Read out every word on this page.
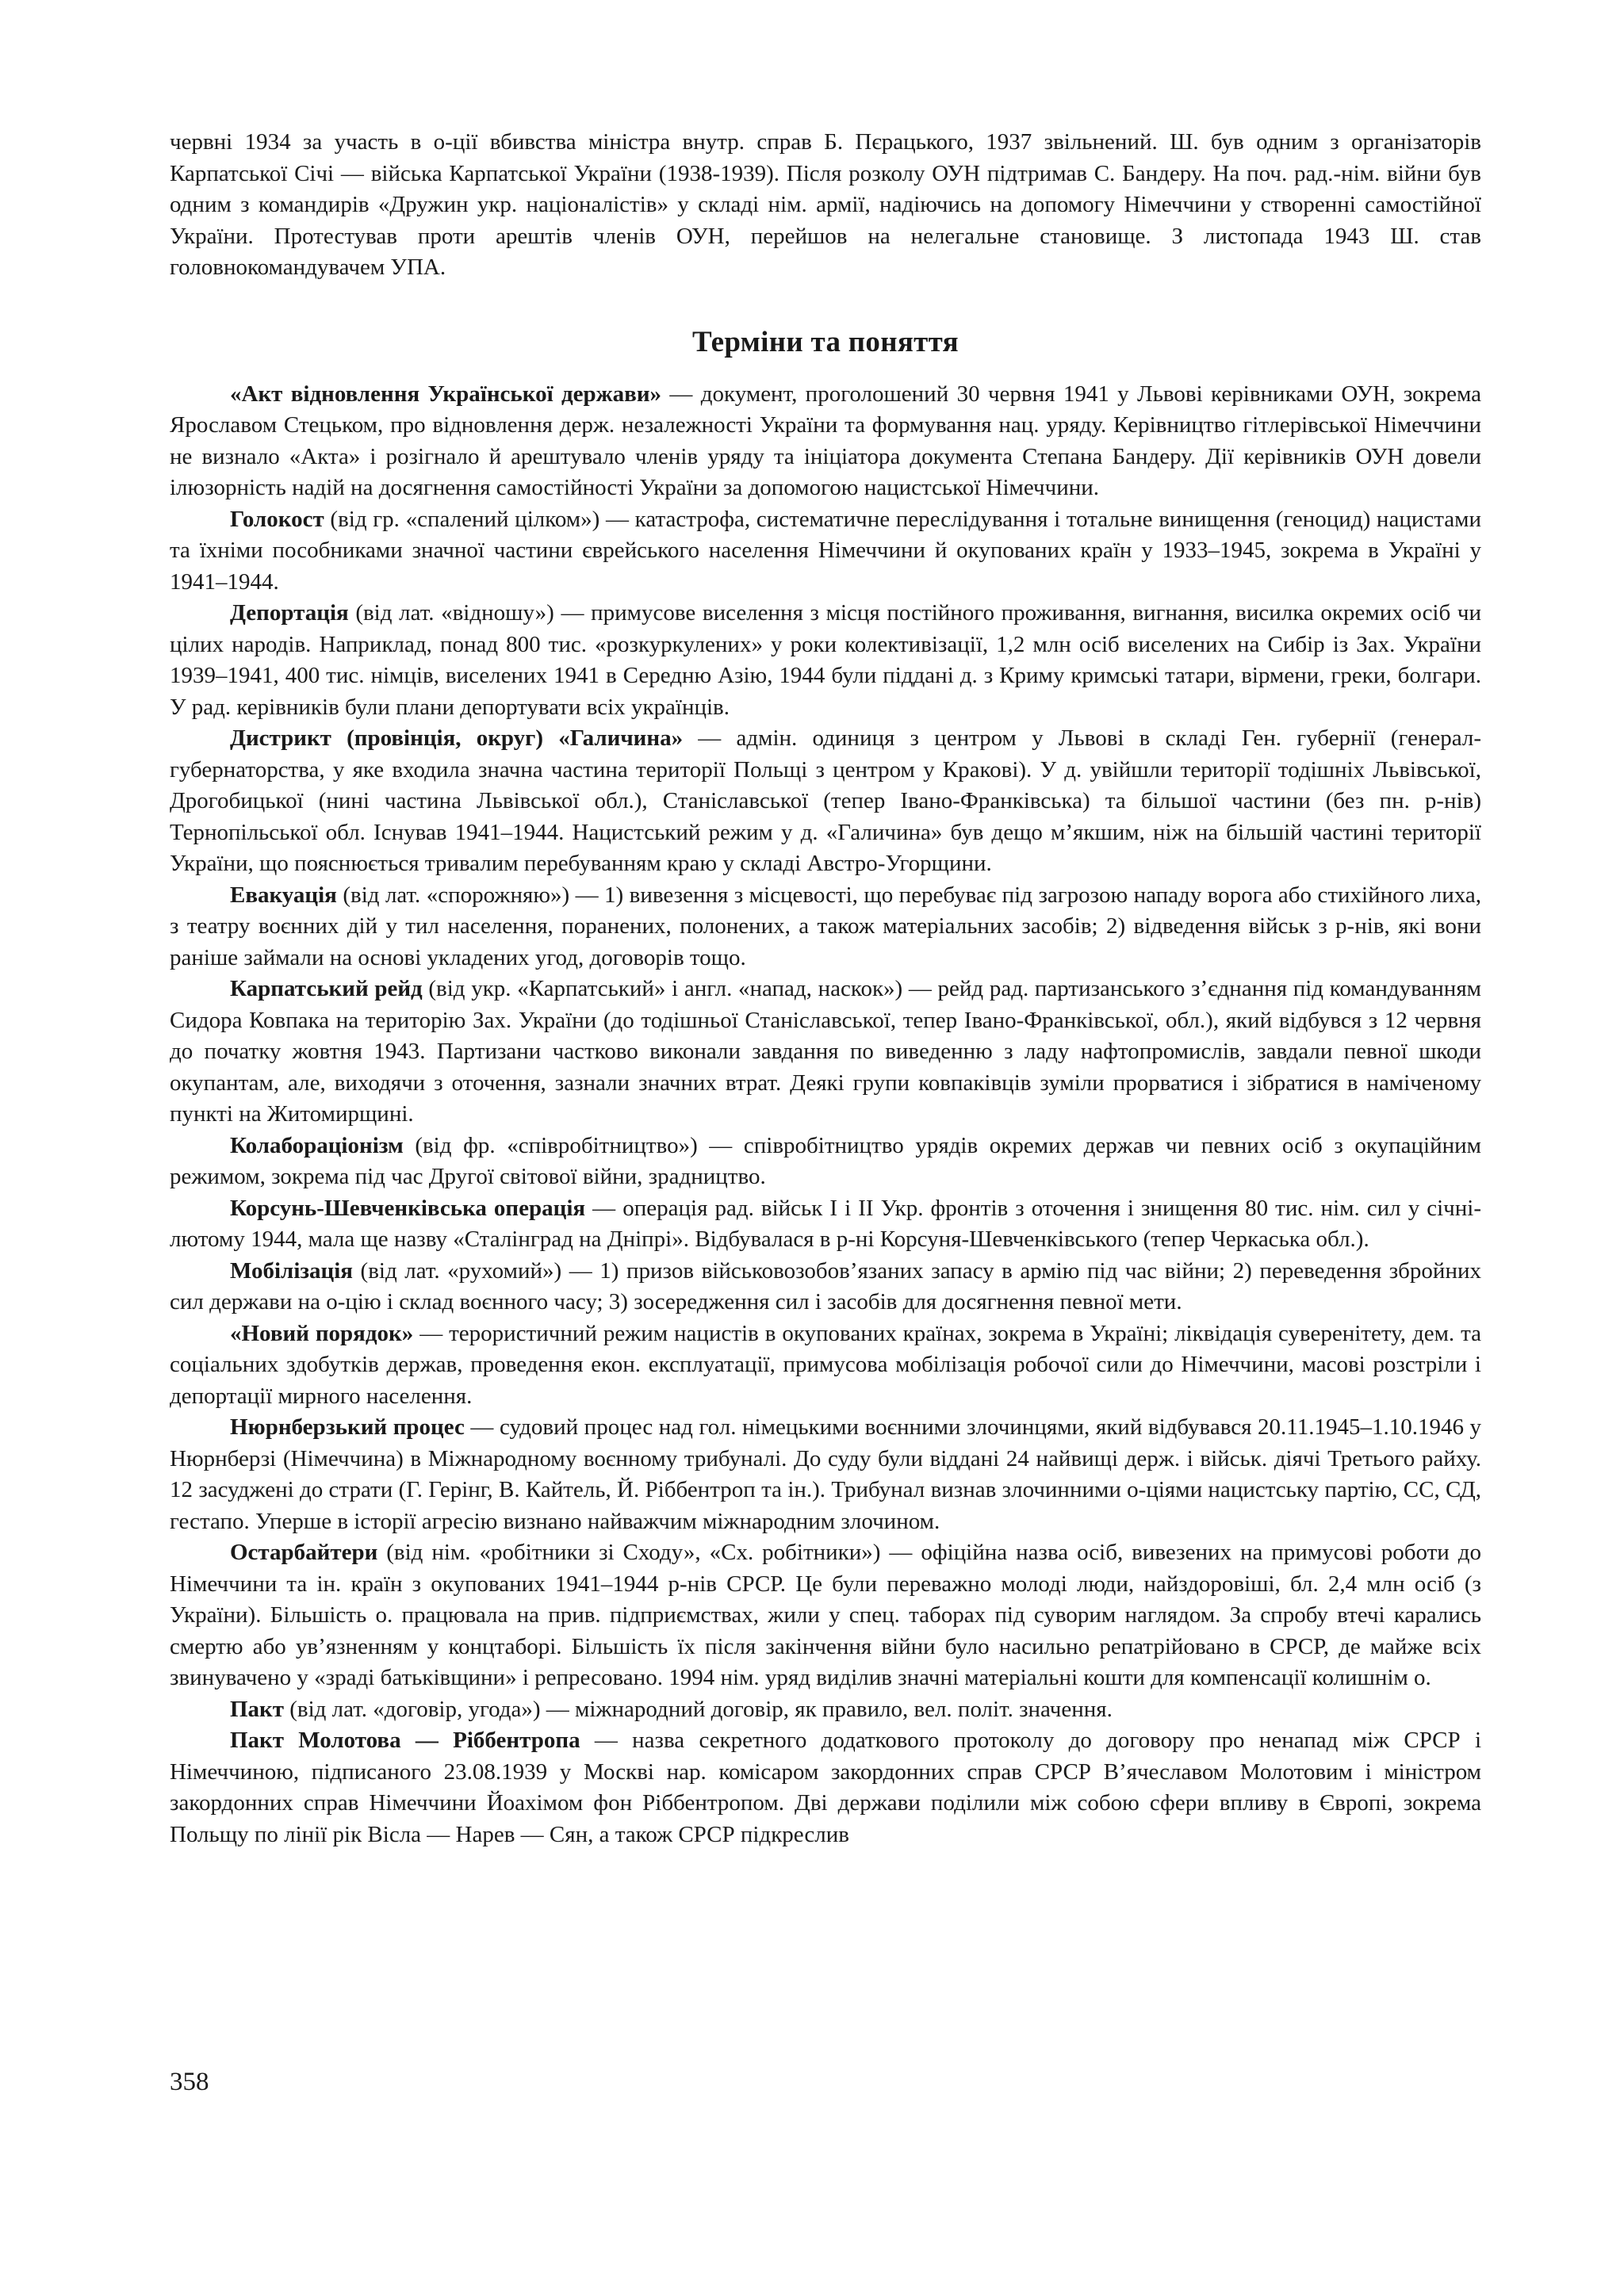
червні 1934 за участь в о-ції вбивства міністра внутр. справ Б. Пєрацького, 1937 звільнений. Ш. був одним з організаторів Карпатської Січі — війська Карпатської України (1938-1939). Після розколу ОУН підтримав С. Бандеру. На поч. рад.-нім. війни був одним з командирів «Дружин укр. націоналістів» у складі нім. армії, надіючись на допомогу Німеччини у створенні самостійної України. Протестував проти арештів членів ОУН, перейшов на нелегальне становище. З листопада 1943 Ш. став головнокомандувачем УПА.

Терміни та поняття

«Акт відновлення Української держави» — документ, проголошений 30 червня 1941 у Львові керівниками ОУН, зокрема Ярославом Стецьком, про відновлення держ. незалежності України та формування нац. уряду. Керівництво гітлерівської Німеччини не визнало «Акта» і розігнало й арештувало членів уряду та ініціатора документа Степана Бандеру. Дії керівників ОУН довели ілюзорність надій на досягнення самостійності України за допомогою нацистської Німеччини.

Голокост (від гр. «спалений цілком») — катастрофа, систематичне переслідування і тотальне винищення (геноцид) нацистами та їхніми пособниками значної частини єврейського населення Німеччини й окупованих країн у 1933–1945, зокрема в Україні у 1941–1944.

Депортація (від лат. «відношу») — примусове виселення з місця постійного проживання, вигнання, висилка окремих осіб чи цілих народів. Наприклад, понад 800 тис. «розкуркулених» у роки колективізації, 1,2 млн осіб виселених на Сибір із Зах. України 1939–1941, 400 тис. німців, виселених 1941 в Середню Азію, 1944 були піддані д. з Криму кримські татари, вірмени, греки, болгари. У рад. керівників були плани депортувати всіх українців.

Дистрикт (провінція, округ) «Галичина» — адмін. одиниця з центром у Львові в складі Ген. губернії (генерал-губернаторства, у яке входила значна частина території Польщі з центром у Кракові). У д. увійшли території тодішніх Львівської, Дрогобицької (нині частина Львівської обл.), Станіславської (тепер Івано-Франківська) та більшої частини (без пн. р-нів) Тернопільської обл. Існував 1941–1944. Нацистський режим у д. «Галичина» був дещо м’якшим, ніж на більшій частині території України, що пояснюється тривалим перебуванням краю у складі Австро-Угорщини.

Евакуація (від лат. «спорожняю») — 1) вивезення з місцевості, що перебуває під загрозою нападу ворога або стихійного лиха, з театру воєнних дій у тил населення, поранених, полонених, а також матеріальних засобів; 2) відведення військ з р-нів, які вони раніше займали на основі укладених угод, договорів тощо.

Карпатський рейд (від укр. «Карпатський» і англ. «напад, наскок») — рейд рад. партизанського з’єднання під командуванням Сидора Ковпака на територію Зах. України (до тодішньої Станіславської, тепер Івано-Франківської, обл.), який відбувся з 12 червня до початку жовтня 1943. Партизани частково виконали завдання по виведенню з ладу нафтопромислів, завдали певної шкоди окупантам, але, виходячи з оточення, зазнали значних втрат. Деякі групи ковпаківців зуміли прорватися і зібратися в наміченому пункті на Житомирщині.

Колабораціонізм (від фр. «співробітництво») — співробітництво урядів окремих держав чи певних осіб з окупаційним режимом, зокрема під час Другої світової війни, зрадництво.

Корсунь-Шевченківська операція — операція рад. військ I і II Укр. фронтів з оточення і знищення 80 тис. нім. сил у січні-лютому 1944, мала ще назву «Сталінград на Дніпрі». Відбувалася в р-ні Корсуня-Шевченківського (тепер Черкаська обл.).

Мобілізація (від лат. «рухомий») — 1) призов військовозобов’язаних запасу в армію під час війни; 2) переведення збройних сил держави на о-цію і склад воєнного часу; 3) зосередження сил і засобів для досягнення певної мети.

«Новий порядок» — терористичний режим нацистів в окупованих країнах, зокрема в Україні; ліквідація суверенітету, дем. та соціальних здобутків держав, проведення екон. експлуатації, примусова мобілізація робочої сили до Німеччини, масові розстріли і депортації мирного населення.

Нюрнберзький процес — судовий процес над гол. німецькими воєнними злочинцями, який відбувався 20.11.1945–1.10.1946 у Нюрнберзі (Німеччина) в Міжнародному воєнному трибуналі. До суду були віддані 24 найвищі держ. і військ. діячі Третього райху. 12 засуджені до страти (Г. Герінг, В. Кайтель, Й. Ріббентроп та ін.). Трибунал визнав злочинними о-ціями нацистську партію, СС, СД, гестапо. Уперше в історії агресію визнано найважчим міжнародним злочином.

Остарбайтери (від нім. «робітники зі Сходу», «Сх. робітники») — офіційна назва осіб, вивезених на примусові роботи до Німеччини та ін. країн з окупованих 1941–1944 р-нів СРСР. Це були переважно молоді люди, найздоровіші, бл. 2,4 млн осіб (з України). Більшість о. працювала на прив. підприємствах, жили у спец. таборах під суворим наглядом. За спробу втечі карались смертю або ув’язненням у концтаборі. Більшість їх після закінчення війни було насильно репатрійовано в СРСР, де майже всіх звинувачено у «зраді батьківщини» і репресовано. 1994 нім. уряд виділив значні матеріальні кошти для компенсації колишнім о.

Пакт (від лат. «договір, угода») — міжнародний договір, як правило, вел. політ. значення.

Пакт Молотова — Ріббентропа — назва секретного додаткового протоколу до договору про ненапад між СРСР і Німеччиною, підписаного 23.08.1939 у Москві нар. комісаром закордонних справ СРСР В’ячеславом Молотовим і міністром закордонних справ Німеччини Йоахімом фон Ріббентропом. Дві держави поділили між собою сфери впливу в Європі, зокрема Польщу по лінії рік Вісла — Нарев — Сян, а також СРСР підкреслив

358
